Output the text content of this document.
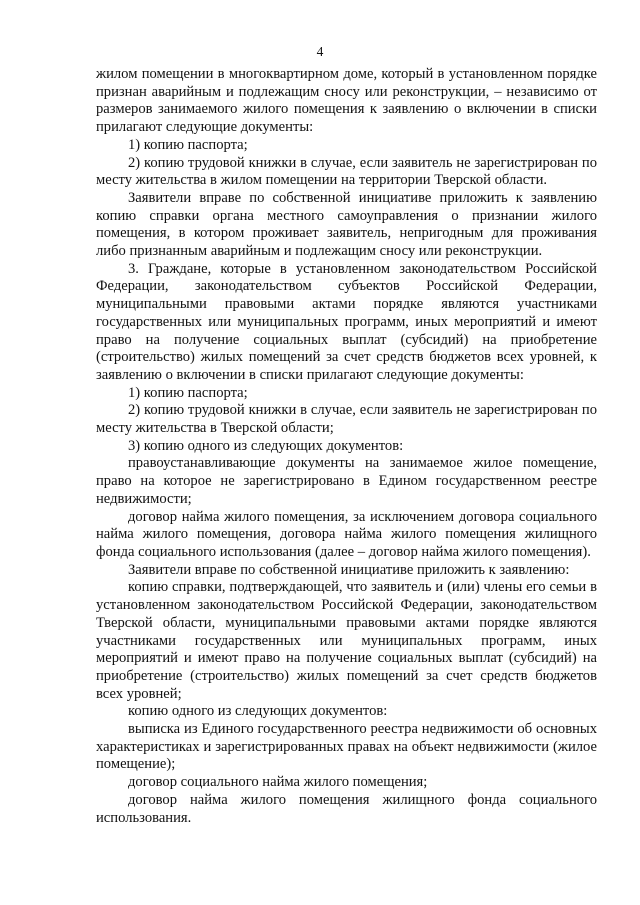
4

жилом помещении в многоквартирном доме, который в установленном порядке признан аварийным и подлежащим сносу или реконструкции, – независимо от размеров занимаемого жилого помещения к заявлению о включении в списки прилагают следующие документы:

1) копию паспорта;

2) копию трудовой книжки в случае, если заявитель не зарегистрирован по месту жительства в жилом помещении на территории Тверской области.

Заявители вправе по собственной инициативе приложить к заявлению копию справки органа местного самоуправления о признании жилого помещения, в котором проживает заявитель, непригодным для проживания либо признанным аварийным и подлежащим сносу или реконструкции.

3. Граждане, которые в установленном законодательством Российской Федерации, законодательством субъектов Российской Федерации, муниципальными правовыми актами порядке являются участниками государственных или муниципальных программ, иных мероприятий и имеют право на получение социальных выплат (субсидий) на приобретение (строительство) жилых помещений за счет средств бюджетов всех уровней, к заявлению о включении в списки прилагают следующие документы:

1) копию паспорта;

2) копию трудовой книжки в случае, если заявитель не зарегистрирован по месту жительства в Тверской области;

3) копию одного из следующих документов:

правоустанавливающие документы на занимаемое жилое помещение, право на которое не зарегистрировано в Едином государственном реестре недвижимости;

договор найма жилого помещения, за исключением договора социального найма жилого помещения, договора найма жилого помещения жилищного фонда социального использования (далее – договор найма жилого помещения).

Заявители вправе по собственной инициативе приложить к заявлению:

копию справки, подтверждающей, что заявитель и (или) члены его семьи в установленном законодательством Российской Федерации, законодательством Тверской области, муниципальными правовыми актами порядке являются участниками государственных или муниципальных программ, иных мероприятий и имеют право на получение социальных выплат (субсидий) на приобретение (строительство) жилых помещений за счет средств бюджетов всех уровней;

копию одного из следующих документов:

выписка из Единого государственного реестра недвижимости об основных характеристиках и зарегистрированных правах на объект недвижимости (жилое помещение);

договор социального найма жилого помещения;

договор найма жилого помещения жилищного фонда социального использования.
